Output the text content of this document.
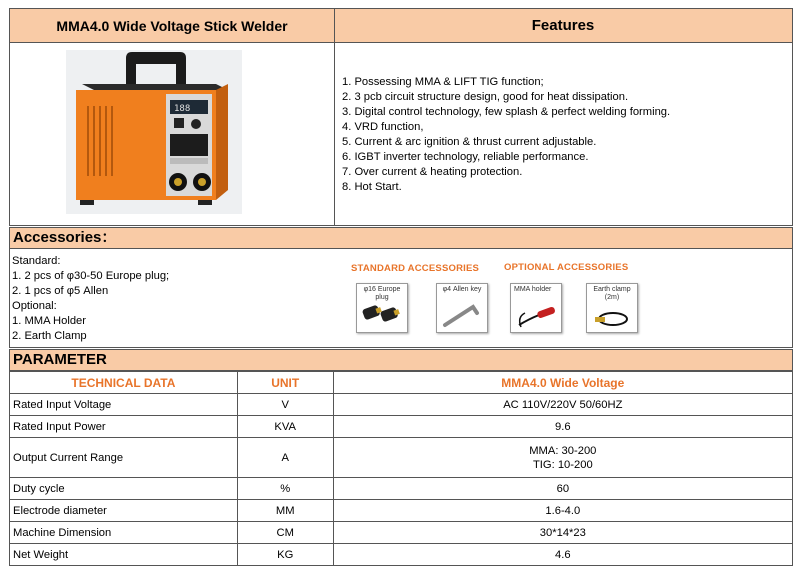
MMA4.0 Wide Voltage Stick Welder	Features
188
1. Possessing MMA & LIFT TIG function;
2. 3 pcb circuit structure design, good for heat dissipation.
3. Digital control technology, few splash & perfect welding forming.
4. VRD function,
5. Current & arc ignition & thrust current adjustable.
6. IGBT inverter technology, reliable performance.
7. Over current & heating protection.
8. Hot Start.
Accessories：
Standard:
1. 2 pcs of φ30-50 Europe plug;
2. 1 pcs of φ5 Allen
Optional:
1. MMA Holder
2. Earth Clamp
STANDARD ACCESSORIES	OPTIONAL ACCESSORIES
φ16 Europe plug
φ4 Allen key	MMA holder	Earth clamp (2m)
PARAMETER
TECHNICAL DATA	UNIT	MMA4.0 Wide Voltage
Rated Input Voltage	V	AC 110V/220V 50/60HZ
Rated Input Power	KVA	9.6
Output Current Range	A	MMA: 30-200
TIG: 10-200

Duty cycle	%	60
Electrode diameter	MM	1.6-4.0
Machine Dimension	CM	30*14*23
Net Weight	KG	4.6
